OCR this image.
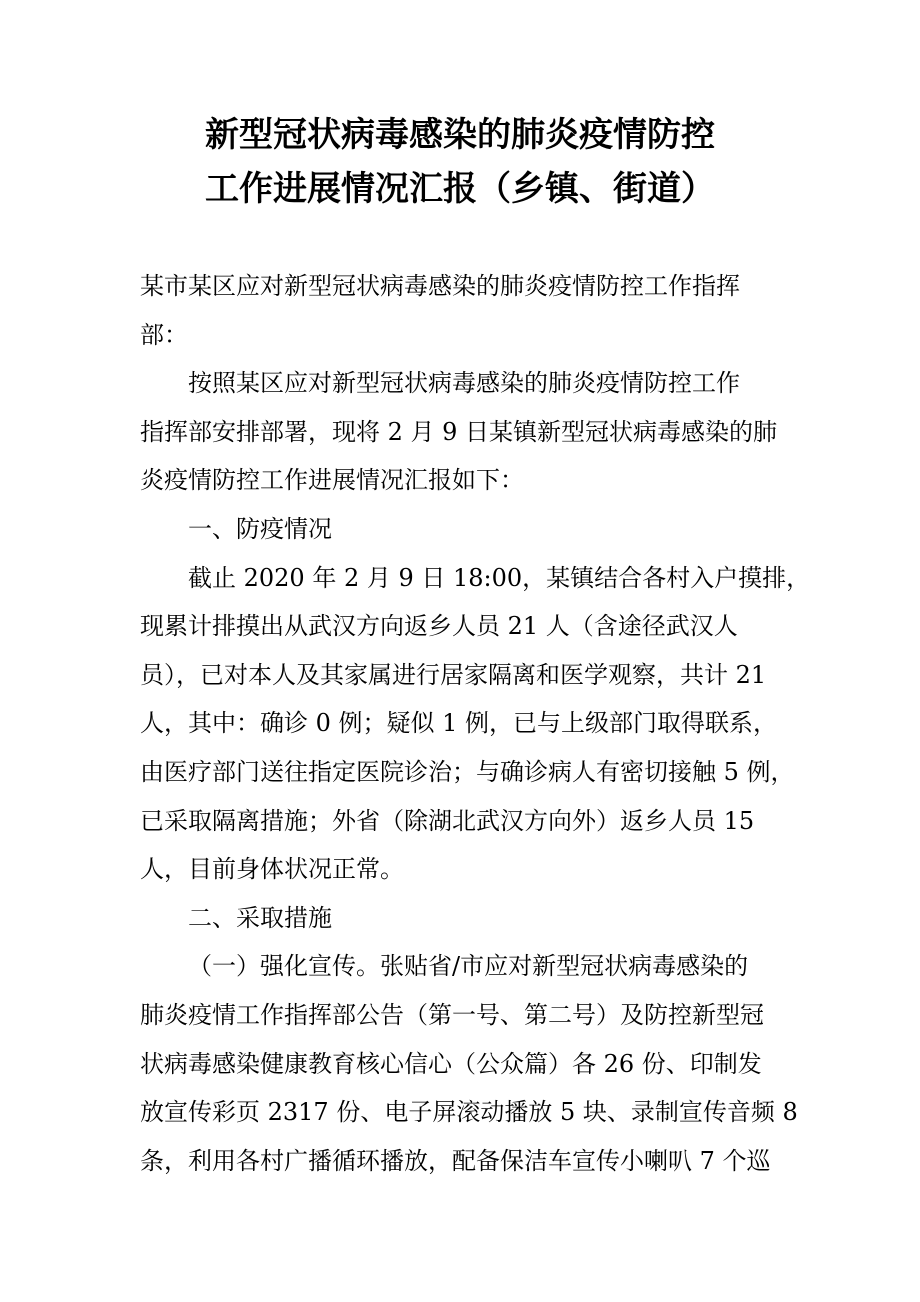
新型冠状病毒感染的肺炎疫情防控
工作进展情况汇报（乡镇、街道）
某市某区应对新型冠状病毒感染的肺炎疫情防控工作指挥
部：
按照某区应对新型冠状病毒感染的肺炎疫情防控工作
指挥部安排部署，现将 2 月 9 日某镇新型冠状病毒感染的肺
炎疫情防控工作进展情况汇报如下：
一、防疫情况
截止 2020 年 2 月 9 日 18:00，某镇结合各村入户摸排，
现累计排摸出从武汉方向返乡人员 21 人（含途径武汉人
员），已对本人及其家属进行居家隔离和医学观察，共计 21
人，其中：确诊 0 例；疑似 1 例，已与上级部门取得联系，
由医疗部门送往指定医院诊治；与确诊病人有密切接触 5 例，
已采取隔离措施；外省（除湖北武汉方向外）返乡人员 15
人，目前身体状况正常。
二、采取措施
（一）强化宣传。张贴省/市应对新型冠状病毒感染的
肺炎疫情工作指挥部公告（第一号、第二号）及防控新型冠
状病毒感染健康教育核心信心（公众篇）各 26 份、印制发
放宣传彩页 2317 份、电子屏滚动播放 5 块、录制宣传音频 8
条，利用各村广播循环播放，配备保洁车宣传小喇叭 7 个巡
